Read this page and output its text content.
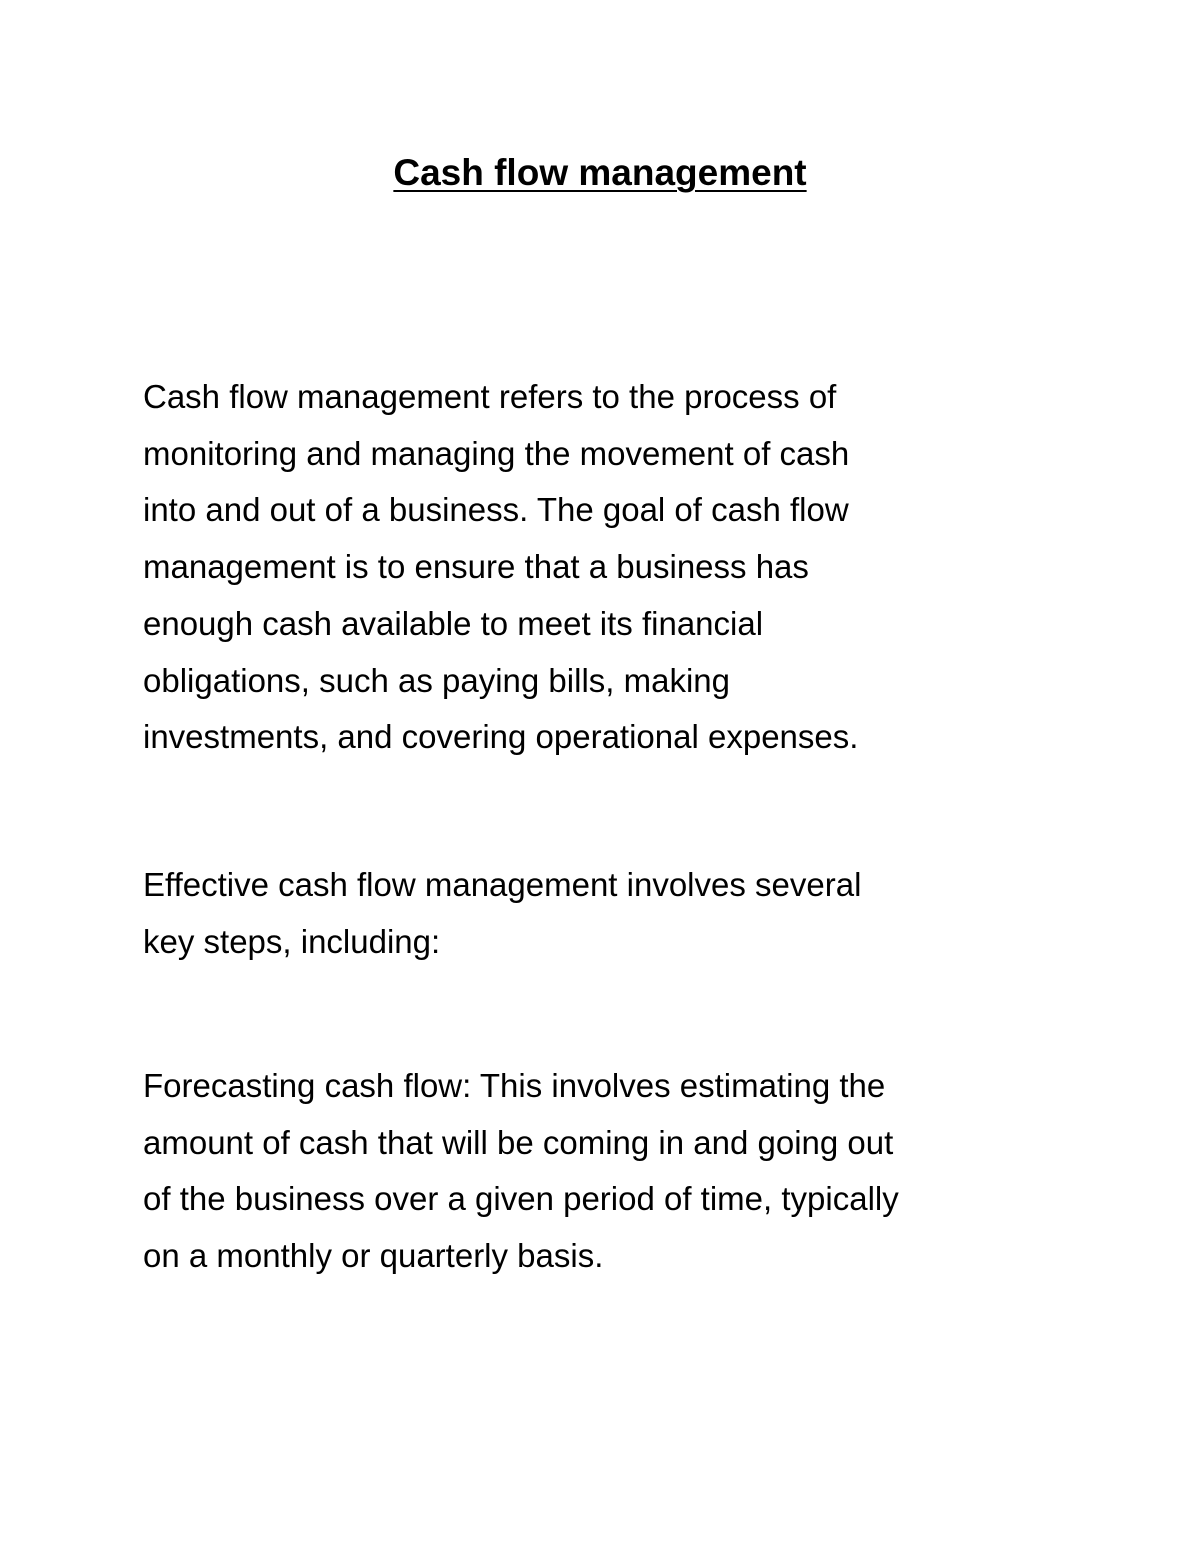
Cash flow management

Cash flow management refers to the process of
monitoring and managing the movement of cash
into and out of a business. The goal of cash flow
management is to ensure that a business has
enough cash available to meet its financial
obligations, such as paying bills, making
investments, and covering operational expenses.

Effective cash flow management involves several
key steps, including:

Forecasting cash flow: This involves estimating the
amount of cash that will be coming in and going out
of the business over a given period of time, typically
on a monthly or quarterly basis.
